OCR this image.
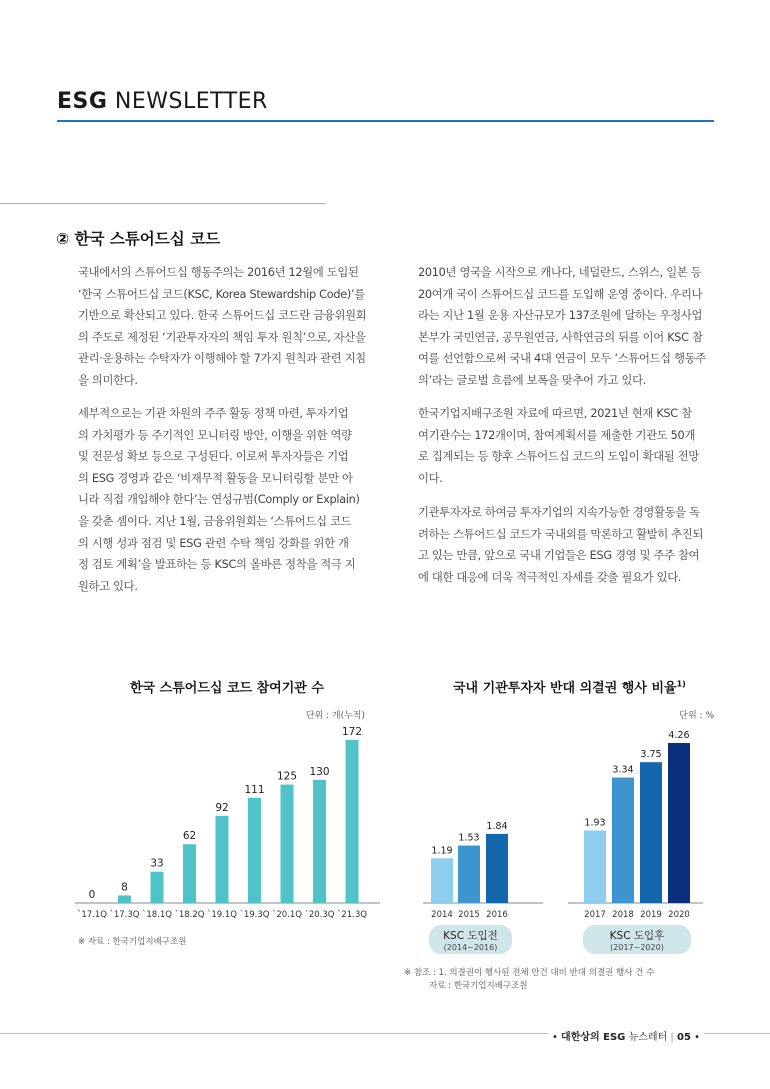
ESG NEWSLETTER
② 한국 스튜어드십 코드
국내에서의 스튜어드십 행동주의는 2016년 12월에 도입된
‘한국 스튜어드십 코드(KSC, Korea Stewardship Code)’를
기반으로 확산되고 있다. 한국 스튜어드십 코드란 금융위원회
의 주도로 제정된 ‘기관투자자의 책임 투자 원칙’으로, 자산을
관리·운용하는 수탁자가 이행해야 할 7가지 원칙과 관련 지침
을 의미한다.
세부적으로는 기관 차원의 주주 활동 정책 마련, 투자기업
의 가치평가 등 주기적인 모니터링 방안, 이행을 위한 역량
및 전문성 확보 등으로 구성된다. 이로써 투자자들은 기업
의 ESG 경영과 같은 ‘비재무적 활동을 모니터링할 분만 아
니라 직접 개입해야 한다’는 연성규범(Comply or Explain)
을 갖춘 셈이다. 지난 1월, 금융위원회는 ‘스튜어드십 코드
의 시행 성과 점검 및 ESG 관련 수탁 책임 강화를 위한 개
정 검토 계획’을 발표하는 등 KSC의 올바른 정착을 적극 지
원하고 있다.
2010년 영국을 시작으로 캐나다, 네덜란드, 스위스, 일본 등
20여개 국이 스튜어드십 코드를 도입해 운영 중이다. 우리나
라는 지난 1월 운용 자산규모가 137조원에 달하는 우정사업
본부가 국민연금, 공무원연금, 사학연금의 뒤를 이어 KSC 참
여를 선언함으로써 국내 4대 연금이 모두 ‘스튜어드십 행동주
의’라는 글로벌 흐름에 보폭을 맞추어 가고 있다.
한국기업지배구조원 자료에 따르면, 2021년 현재 KSC 참
여기관수는 172개이며, 참여계획서를 제출한 기관도 50개
로 집계되는 등 향후 스튜어드십 코드의 도입이 확대될 전망
이다.
기관투자자로 하여금 투자기업의 지속가능한 경영활동을 독
려하는 스튜어드십 코드가 국내외를 막론하고 활발히 추진되
고 있는 만큼, 앞으로 국내 기업들은 ESG 경영 및 주주 참여
에 대한 대응에 더욱 적극적인 자세를 갖출 필요가 있다.
한국 스튜어드십 코드 참여기관 수
단위 : 개(누적)
0
`17.1Q
8
`17.3Q
33
`18.1Q
62
`18.2Q
92
`19.1Q
111
`19.3Q
125
`20.1Q
130
`20.3Q
172
`21.3Q
※ 자료 : 한국기업지배구조원
국내 기관투자자 반대 의결권 행사 비율$^{1)}$
단위 : %
1.19
2014
1.53
2015
1.84
2016
1.93
2017
3.34
2018
3.75
2019
4.26
2020
KSC 도입전
(2014~2016)
KSC 도입후
(2017~2020)
※ 참조 : 1. 의결권이 행사된 전체 안건 대비 반대 의결권 행사 건 수
자료 : 한국기업지배구조원
• 대한상의 ESG 뉴스레터 | 05 •
